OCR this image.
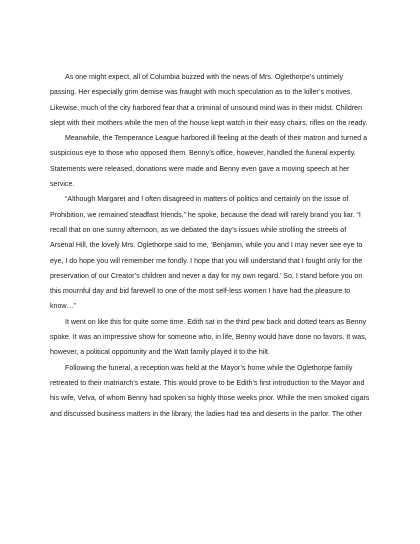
As one might expect, all of Columbia buzzed with the news of Mrs. Oglethorpe’s untimely passing. Her especially grim demise was fraught with much speculation as to the killer’s motives. Likewise, much of the city harbored fear that a criminal of unsound mind was in their midst. Children slept with their mothers while the men of the house kept watch in their easy chairs, rifles on the ready.

Meanwhile, the Temperance League harbored ill feeling at the death of their matron and turned a suspicious eye to those who opposed them. Benny’s office, however, handled the funeral expertly. Statements were released, donations were made and Benny even gave a moving speech at her service.

“Although Margaret and I often disagreed in matters of politics and certainly on the issue of Prohibition, we remained steadfast friends,” he spoke, because the dead will rarely brand you liar. “I recall that on one sunny afternoon, as we debated the day’s issues while strolling the streets of Arsenal Hill, the lovely Mrs. Oglethorpe said to me, ‘Benjamin, while you and I may never see eye to eye, I do hope you will remember me fondly. I hope that you will understand that I fought only for the preservation of our Creator’s children and never a day for my own regard.’ So, I stand before you on this mournful day and bid farewell to one of the most self-less women I have had the pleasure to know…”

It went on like this for quite some time. Edith sat in the third pew back and dotted tears as Benny spoke. It was an impressive show for someone who, in life, Benny would have done no favors. It was, however, a political opportunity and the Watt family played it to the hilt.

Following the funeral, a reception was held at the Mayor’s home while the Oglethorpe family retreated to their matriarch’s estate. This would prove to be Edith’s first introduction to the Mayor and his wife, Velva, of whom Benny had spoken so highly those weeks prior. While the men smoked cigars and discussed business matters in the library, the ladies had tea and deserts in the parlor. The other
